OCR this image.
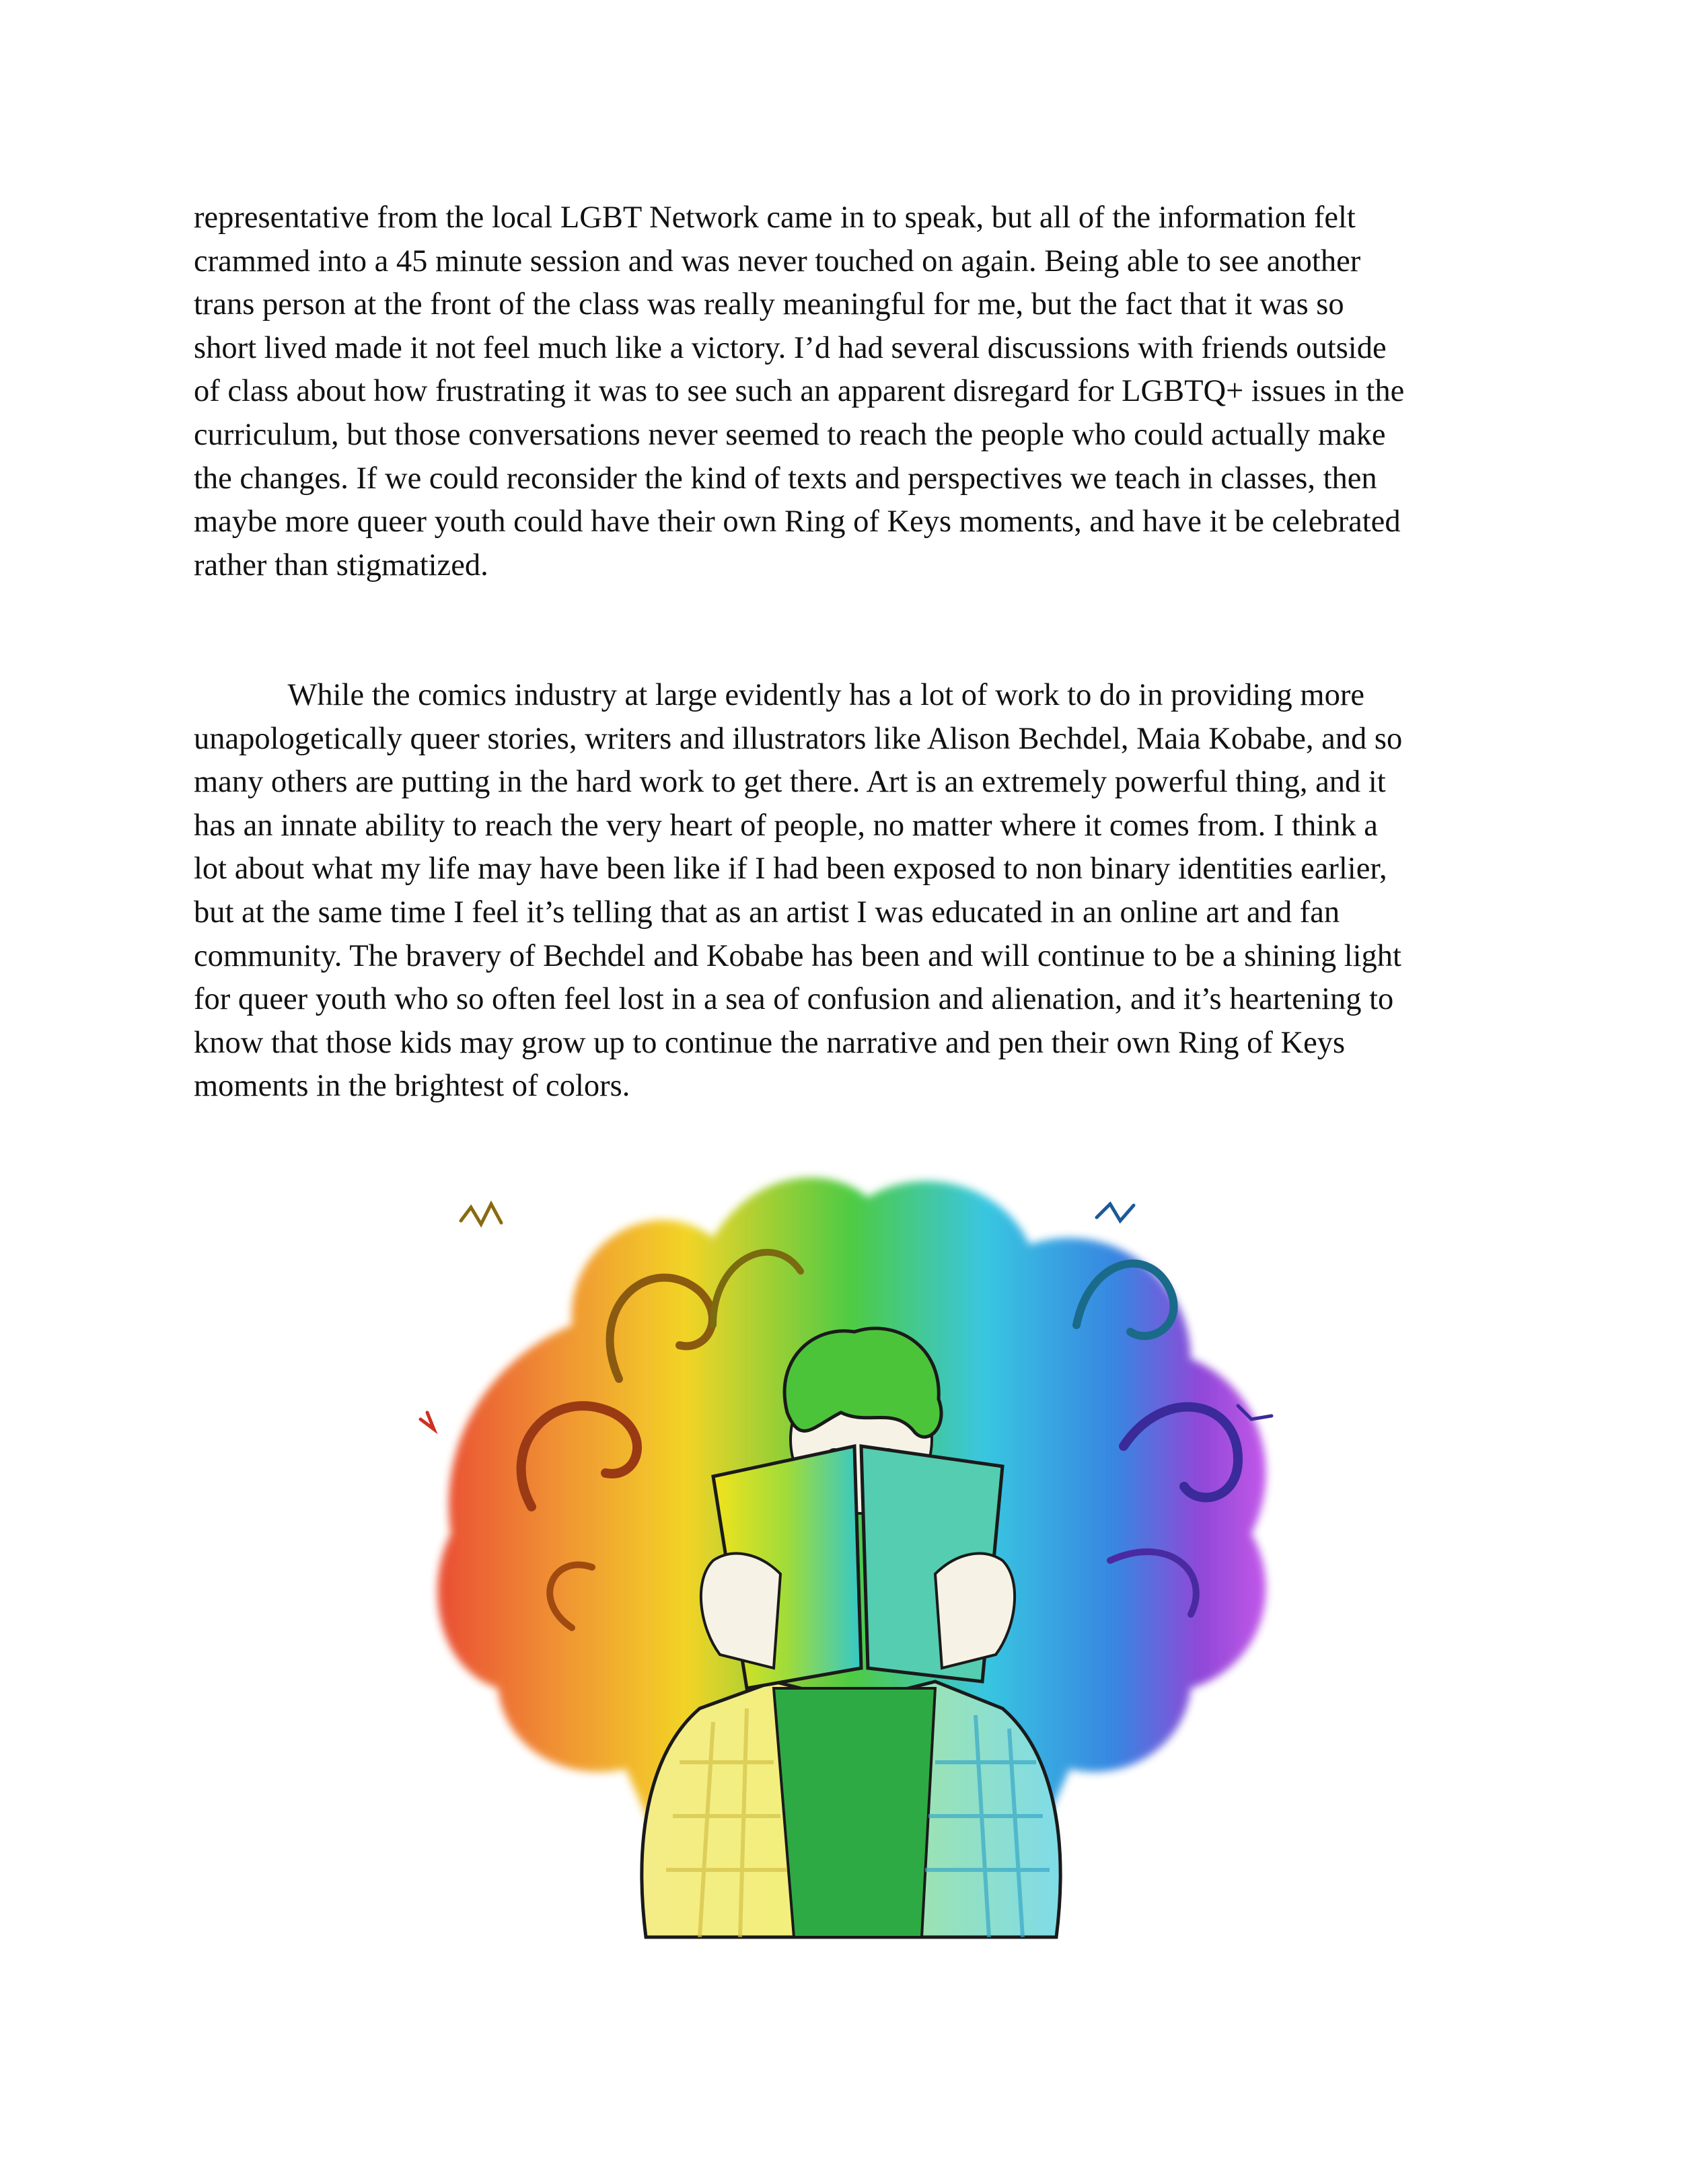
representative from the local LGBT Network came in to speak, but all of the information felt
crammed into a 45 minute session and was never touched on again. Being able to see another
trans person at the front of the class was really meaningful for me, but the fact that it was so
short lived made it not feel much like a victory. I’d had several discussions with friends outside
of class about how frustrating it was to see such an apparent disregard for LGBTQ+ issues in the
curriculum, but those conversations never seemed to reach the people who could actually make
the changes. If we could reconsider the kind of texts and perspectives we teach in classes, then
maybe more queer youth could have their own Ring of Keys moments, and have it be celebrated
rather than stigmatized.
While the comics industry at large evidently has a lot of work to do in providing more
unapologetically queer stories, writers and illustrators like Alison Bechdel, Maia Kobabe, and so
many others are putting in the hard work to get there. Art is an extremely powerful thing, and it
has an innate ability to reach the very heart of people, no matter where it comes from. I think a
lot about what my life may have been like if I had been exposed to non binary identities earlier,
but at the same time I feel it’s telling that as an artist I was educated in an online art and fan
community. The bravery of Bechdel and Kobabe has been and will continue to be a shining light
for queer youth who so often feel lost in a sea of confusion and alienation, and it’s heartening to
know that those kids may grow up to continue the narrative and pen their own Ring of Keys
moments in the brightest of colors.
